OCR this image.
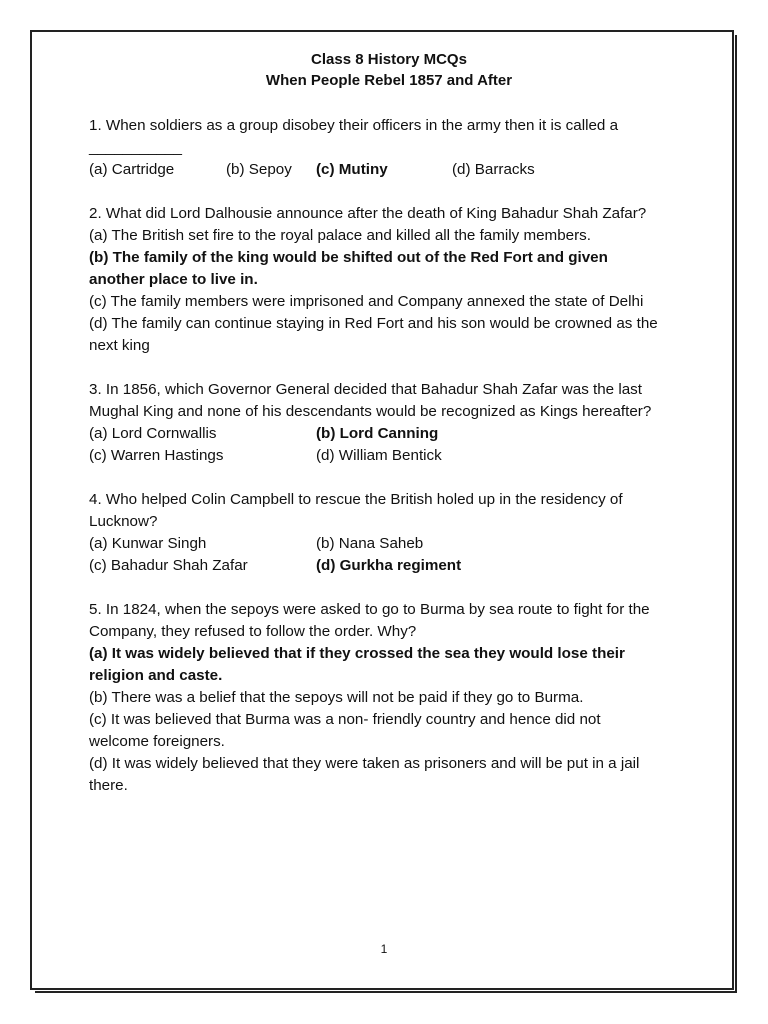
Class 8 History MCQs
When People Rebel 1857 and After
1. When soldiers as a group disobey their officers in the army then it is called a
___________
(a) Cartridge	(b) Sepoy	(c) Mutiny	(d) Barracks
2. What did Lord Dalhousie announce after the death of King Bahadur Shah Zafar?
(a) The British set fire to the royal palace and killed all the family members.
(b) The family of the king would be shifted out of the Red Fort and given another place to live in.
(c) The family members were imprisoned and Company annexed the state of Delhi
(d) The family can continue staying in Red Fort and his son would be crowned as the next king
3. In 1856, which Governor General decided that Bahadur Shah Zafar was the last Mughal King and none of his descendants would be recognized as Kings hereafter?
(a) Lord Cornwallis	(b) Lord Canning
(c) Warren Hastings	(d) William Bentick
4. Who helped Colin Campbell to rescue the British holed up in the residency of Lucknow?
(a) Kunwar Singh	(b) Nana Saheb
(c) Bahadur Shah Zafar	(d) Gurkha regiment
5. In 1824, when the sepoys were asked to go to Burma by sea route to fight for the Company, they refused to follow the order. Why?
(a) It was widely believed that if they crossed the sea they would lose their religion and caste.
(b) There was a belief that the sepoys will not be paid if they go to Burma.
(c) It was believed that Burma was a non- friendly country and hence did not welcome foreigners.
(d) It was widely believed that they were taken as prisoners and will be put in a jail there.
1
